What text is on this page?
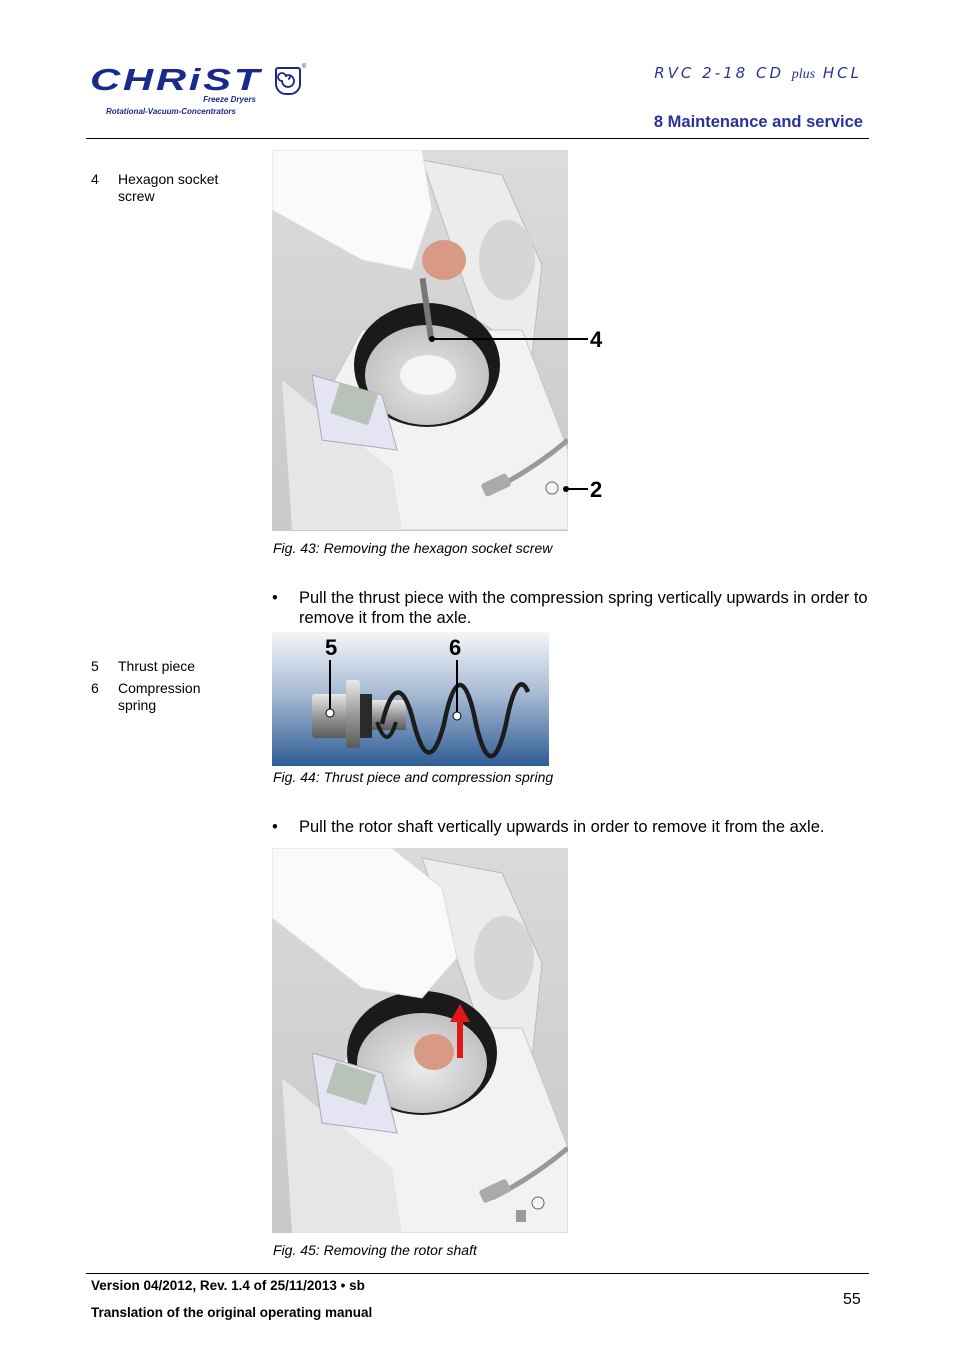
CHRiST	®
Freeze Dryers
Rotational-Vacuum-Concentrators
RVC 2-18 CD plus HCL
8 Maintenance and service
4 Hexagon socket screw
4
2
Fig. 43: Removing the hexagon socket screw
• Pull the thrust piece with the compression spring vertically upwards in order to remove it from the axle.
5 Thrust piece
6 Compression spring
5	6
Fig. 44: Thrust piece and compression spring
• Pull the rotor shaft vertically upwards in order to remove it from the axle.
Fig. 45: Removing the rotor shaft
Version 04/2012, Rev. 1.4 of 25/11/2013 • sb
Translation of the original operating manual
55
